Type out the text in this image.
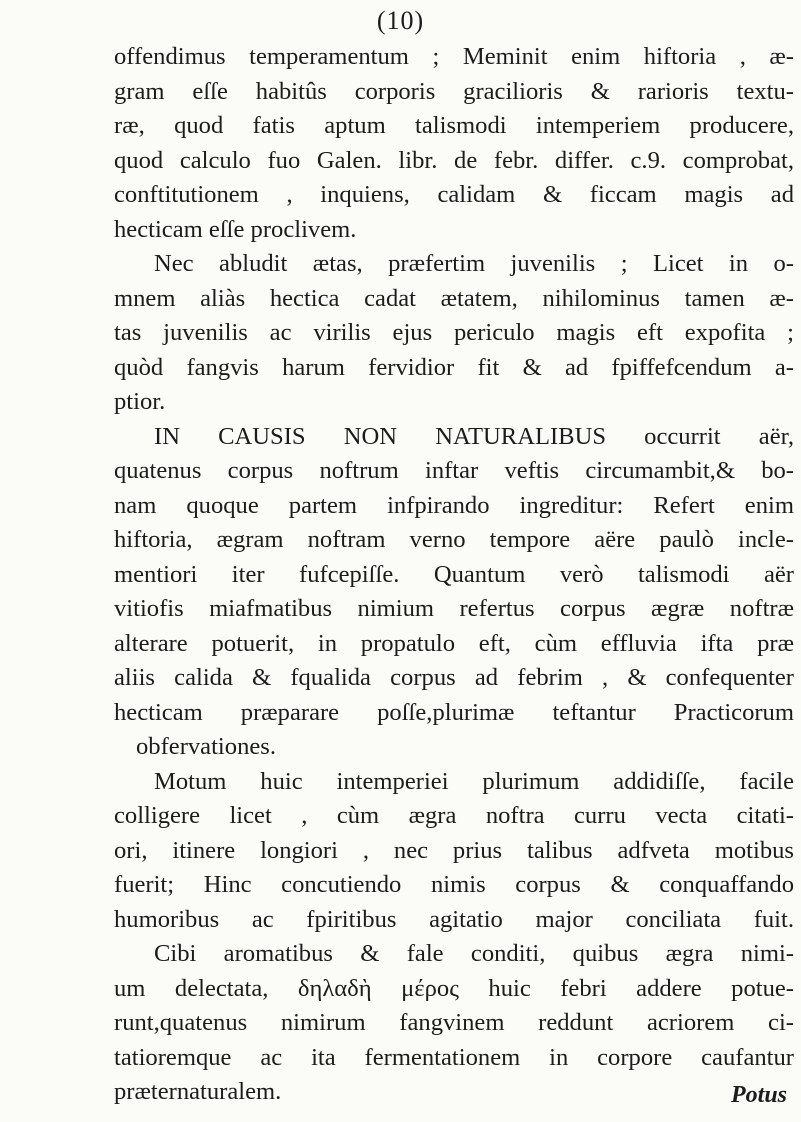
(10)
offendimus temperamentum ; Meminit enim hiftoria , æ-
gram eſſe habitûs corporis gracilioris & rarioris textu-
ræ, quod fatis aptum talismodi intemperiem producere,
quod calculo fuo Galen. libr. de febr. differ. c.9. comprobat,
conftitutionem , inquiens, calidam & ficcam magis ad
hecticam eſſe proclivem.
Nec abludit ætas, præfertim juvenilis ; Licet in o-
mnem aliàs hectica cadat ætatem, nihilominus tamen æ-
tas juvenilis ac virilis ejus periculo magis eft expofita ;
quòd fangvis harum fervidior fit & ad fpiffefcendum a-
ptior.
IN CAUSIS NON NATURALIBUS occurrit aër,
quatenus corpus noftrum inftar veftis circumambit,& bo-
nam quoque partem infpirando ingreditur: Refert enim
hiftoria, ægram noftram verno tempore aëre paulò incle-
mentiori iter fufcepiſſe. Quantum verò talismodi aër
vitiofis miafmatibus nimium refertus corpus ægræ noftræ
alterare potuerit, in propatulo eft, cùm effluvia ifta præ
aliis calida & fqualida corpus ad febrim , & confequenter
hecticam præparare poſſe,plurimæ teftantur Practicorum
obfervationes.
Motum huic intemperiei plurimum addidiſſe, facile
colligere licet , cùm ægra noftra curru vecta citati-
ori, itinere longiori , nec prius talibus adfveta motibus
fuerit; Hinc concutiendo nimis corpus & conquaffando
humoribus ac fpiritibus agitatio major conciliata fuit.
Cibi aromatibus & fale conditi, quibus ægra nimi-
um delectata, δηλαδὴ μέρος huic febri addere potue-
runt,quatenus nimirum fangvinem reddunt acriorem ci-
tatioremque ac ita fermentationem in corpore caufantur
præternaturalem.	Potus
